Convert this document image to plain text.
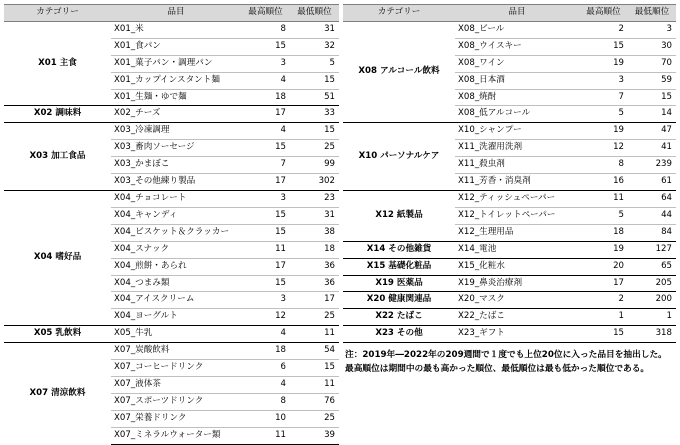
カテゴリー	品目	最高順位	最低順位
X01 主食	X01_米	8	31
	X01_食パン	15	32
	X01_菓子パン・調理パン	3	5
	X01_カップインスタント麺	4	15
	X01_生麺・ゆで麺	18	51
X02 調味料	X02_チーズ	17	33
X03 加工食品	X03_冷凍調理	4	15
	X03_畜肉ソーセージ	15	25
	X03_かまぼこ	7	99
	X03_その他練り製品	17	302
X04 嗜好品	X04_チョコレート	3	23
	X04_キャンディ	15	31
	X04_ビスケット＆クラッカー	15	38
	X04_スナック	11	18
	X04_煎餅・あられ	17	36
	X04_つまみ類	15	36
	X04_アイスクリーム	3	17
	X04_ヨーグルト	12	25
X05 乳飲料	X05_牛乳	4	11
X07 清涼飲料	X07_炭酸飲料	18	54
	X07_コーヒードリンク	6	15
	X07_液体茶	4	11
	X07_スポーツドリンク	8	76
	X07_栄養ドリンク	10	25
	X07_ミネラルウォーター類	11	39
カテゴリー	品目	最高順位	最低順位
X08 アルコール飲料	X08_ビール	2	3
	X08_ウイスキー	15	30
	X08_ワイン	19	70
	X08_日本酒	3	59
	X08_焼酎	7	15
	X08_低アルコール	5	14
X10 パーソナルケア	X10_シャンプー	19	47
	X11_洗濯用洗剤	12	41
	X11_殺虫剤	8	239
	X11_芳香・消臭剤	16	61
X12 紙製品	X12_ティッシュペーパー	11	64
	X12_トイレットペーパー	5	44
	X12_生理用品	18	84
X14 その他雑貨	X14_電池	19	127
X15 基礎化粧品	X15_化粧水	20	65
X19 医薬品	X19_鼻炎治療剤	17	205
X20 健康関連品	X20_マスク	2	200
X22 たばこ	X22_たばこ	1	1
X23 その他	X23_ギフト	15	318
注：2019年―2022年の209週間で１度でも上位20位に入った品目を抽出した。最高順位は期間中の最も高かった順位、最低順位は最も低かった順位である。
